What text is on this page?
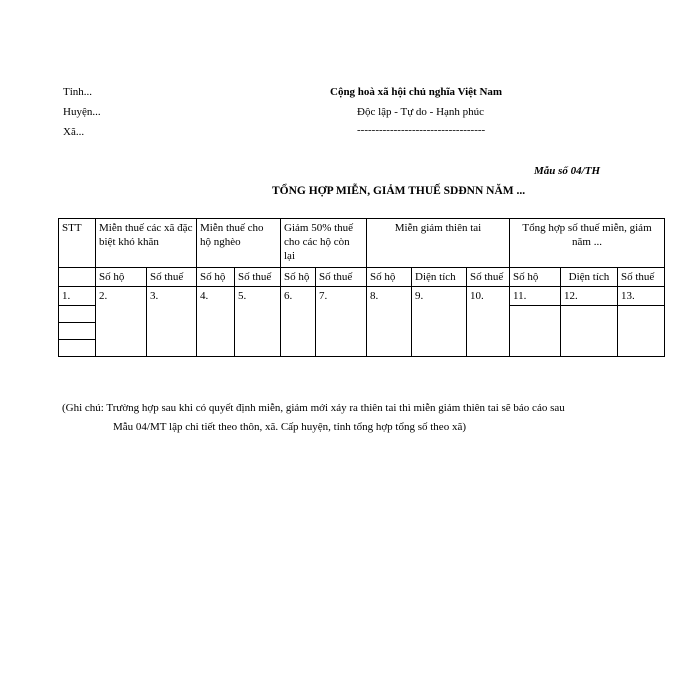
Tỉnh...
Huyện...
Xã...
Cộng hoà xã hội chủ nghĩa Việt Nam
Độc lập - Tự do - Hạnh phúc
-----------------------------------
Mẫu số 04/TH
TỔNG HỢP MIỄN, GIẢM THUẾ SDĐNN NĂM ...
STT	Miễn thuế các xã đặc biệt khó khăn		Miễn thuế cho hộ nghèo		Giảm 50% thuế cho các hộ còn lại		Miễn giảm thiên tai			Tổng hợp số thuế miễn, giảm năm ...		
	Số hộ	Số thuế	Số hộ	Số thuế	Số hộ	Số thuế	Số hộ	Diện tích	Số thuế	Số hộ	Diện tích	Số thuế
1.	2.	3.	4.	5.	6.	7.	8.	9.	10.	11.	12.	13.

(Ghi chú: Trường hợp sau khi có quyết định miễn, giảm mới xảy ra thiên tai thì miễn giảm thiên tai sẽ báo cáo sau
Mẫu 04/MT lập chi tiết theo thôn, xã. Cấp huyện, tỉnh tổng hợp tổng số theo xã)
